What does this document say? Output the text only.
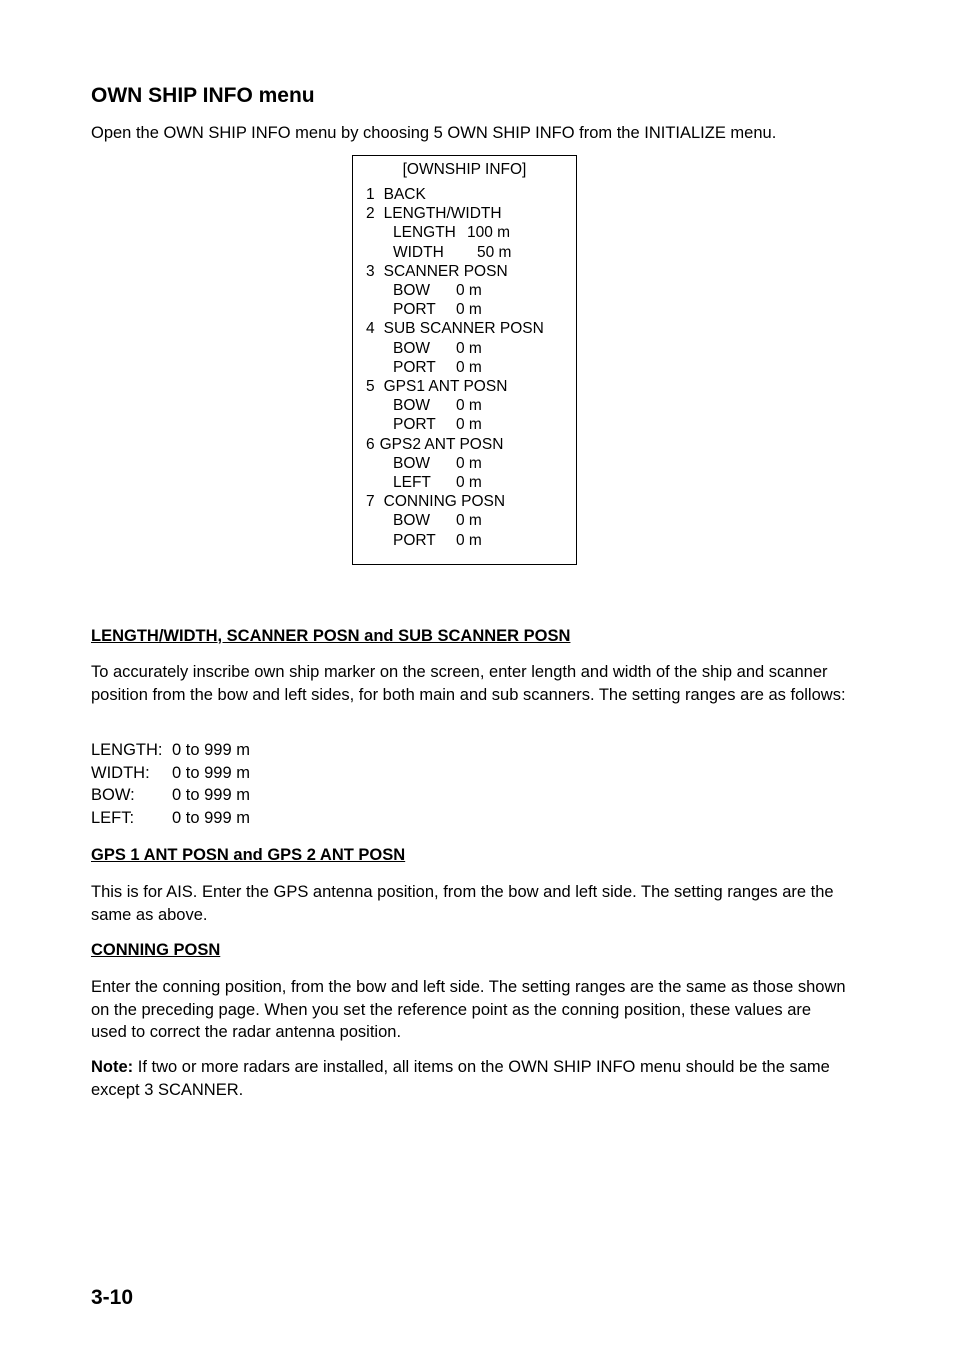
OWN SHIP INFO menu
Open the OWN SHIP INFO menu by choosing 5 OWN SHIP INFO from the INITIALIZE menu.
[OWNSHIP INFO]
1 BACK
2 LENGTH/WIDTH
LENGTH 100 m
WIDTH 50 m
3 SCANNER POSN
BOW 0 m
PORT 0 m
4 SUB SCANNER POSN
BOW 0 m
PORT 0 m
5 GPS1 ANT POSN
BOW 0 m
PORT 0 m
6 GPS2 ANT POSN
BOW 0 m
LEFT 0 m
7 CONNING POSN
BOW 0 m
PORT 0 m
LENGTH/WIDTH, SCANNER POSN and SUB SCANNER POSN
To accurately inscribe own ship marker on the screen, enter length and width of the ship and scanner position from the bow and left sides, for both main and sub scanners. The setting ranges are as follows:
LENGTH: 0 to 999 m
WIDTH: 0 to 999 m
BOW: 0 to 999 m
LEFT: 0 to 999 m
GPS 1 ANT POSN and GPS 2 ANT POSN
This is for AIS. Enter the GPS antenna position, from the bow and left side. The setting ranges are the same as above.
CONNING POSN
Enter the conning position, from the bow and left side. The setting ranges are the same as those shown on the preceding page. When you set the reference point as the conning position, these values are used to correct the radar antenna position.
Note: If two or more radars are installed, all items on the OWN SHIP INFO menu should be the same except 3 SCANNER.
3-10
